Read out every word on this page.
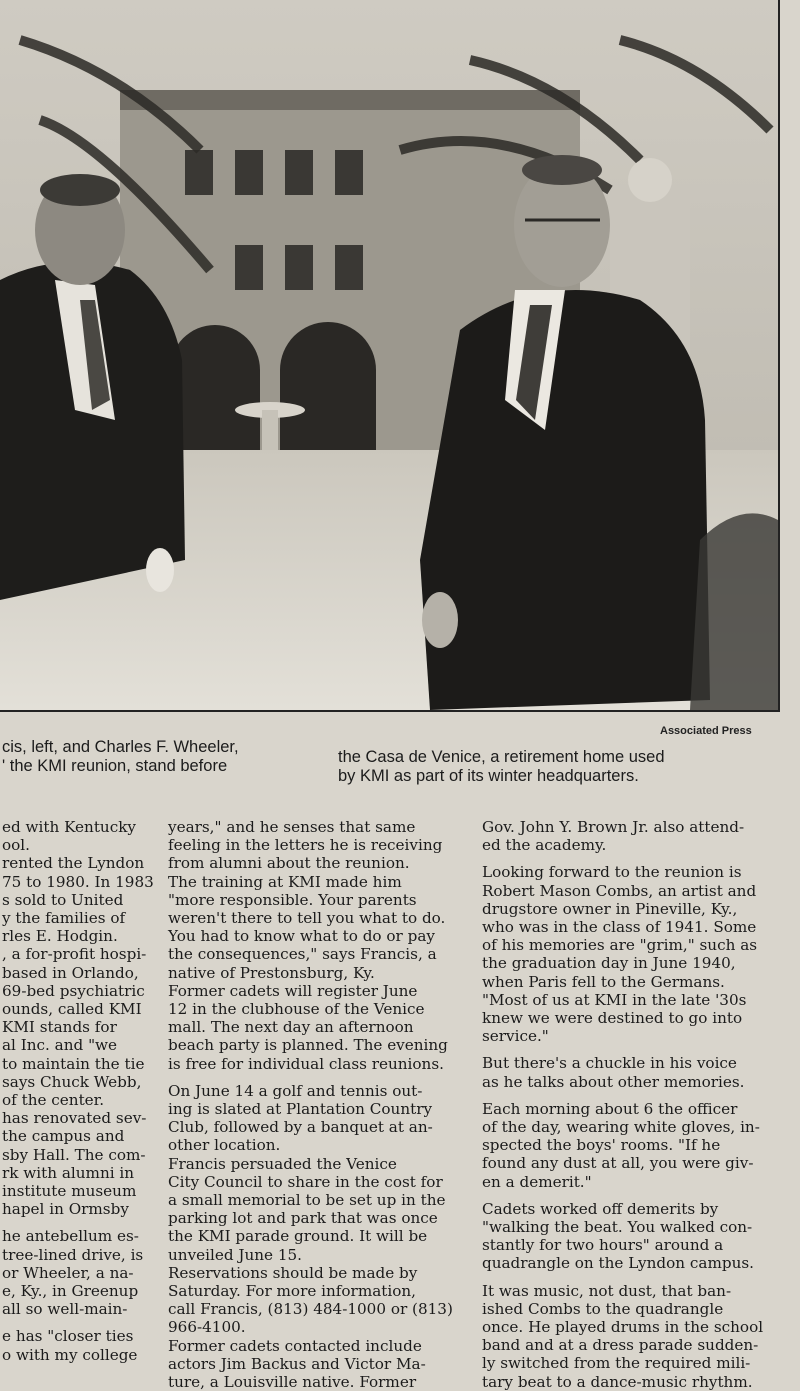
Associated Press
cis, left, and Charles F. Wheeler,
' the KMI reunion, stand before	the Casa de Venice, a retirement home used
by KMI as part of its winter headquarters.
ed with Kentucky
ool.
rented the Lyndon
75 to 1980. In 1983
s sold to United
y the families of
rles E. Hodgin.
, a for-profit hospi-
based in Orlando,
69-bed psychiatric
ounds, called KMI
KMI stands for
al Inc. and "we
to maintain the tie
says Chuck Webb,
of the center.
has renovated sev-
the campus and
sby Hall. The com-
rk with alumni in
institute museum
hapel in Ormsby
he antebellum es-
tree-lined drive, is
or Wheeler, a na-
e, Ky., in Greenup
all so well-main-
e has "closer ties
o with my college
years," and he senses that same
feeling in the letters he is receiving
from alumni about the reunion.
The training at KMI made him
"more responsible. Your parents
weren't there to tell you what to do.
You had to know what to do or pay
the consequences," says Francis, a
native of Prestonsburg, Ky.
Former cadets will register June
12 in the clubhouse of the Venice
mall. The next day an afternoon
beach party is planned. The evening
is free for individual class reunions.
On June 14 a golf and tennis out-
ing is slated at Plantation Country
Club, followed by a banquet at an-
other location.
Francis persuaded the Venice
City Council to share in the cost for
a small memorial to be set up in the
parking lot and park that was once
the KMI parade ground. It will be
unveiled June 15.
Reservations should be made by
Saturday. For more information,
call Francis, (813) 484-1000 or (813)
966-4100.
Former cadets contacted include
actors Jim Backus and Victor Ma-
ture, a Louisville native. Former
Gov. John Y. Brown Jr. also attend-
ed the academy.
Looking forward to the reunion is
Robert Mason Combs, an artist and
drugstore owner in Pineville, Ky.,
who was in the class of 1941. Some
of his memories are "grim," such as
the graduation day in June 1940,
when Paris fell to the Germans.
"Most of us at KMI in the late '30s
knew we were destined to go into
service."
But there's a chuckle in his voice
as he talks about other memories.
Each morning about 6 the officer
of the day, wearing white gloves, in-
spected the boys' rooms. "If he
found any dust at all, you were giv-
en a demerit."
Cadets worked off demerits by
"walking the beat. You walked con-
stantly for two hours" around a
quadrangle on the Lyndon campus.
It was music, not dust, that ban-
ished Combs to the quadrangle
once. He played drums in the school
band and at a dress parade sudden-
ly switched from the required mili-
tary beat to a dance-music rhythm.
